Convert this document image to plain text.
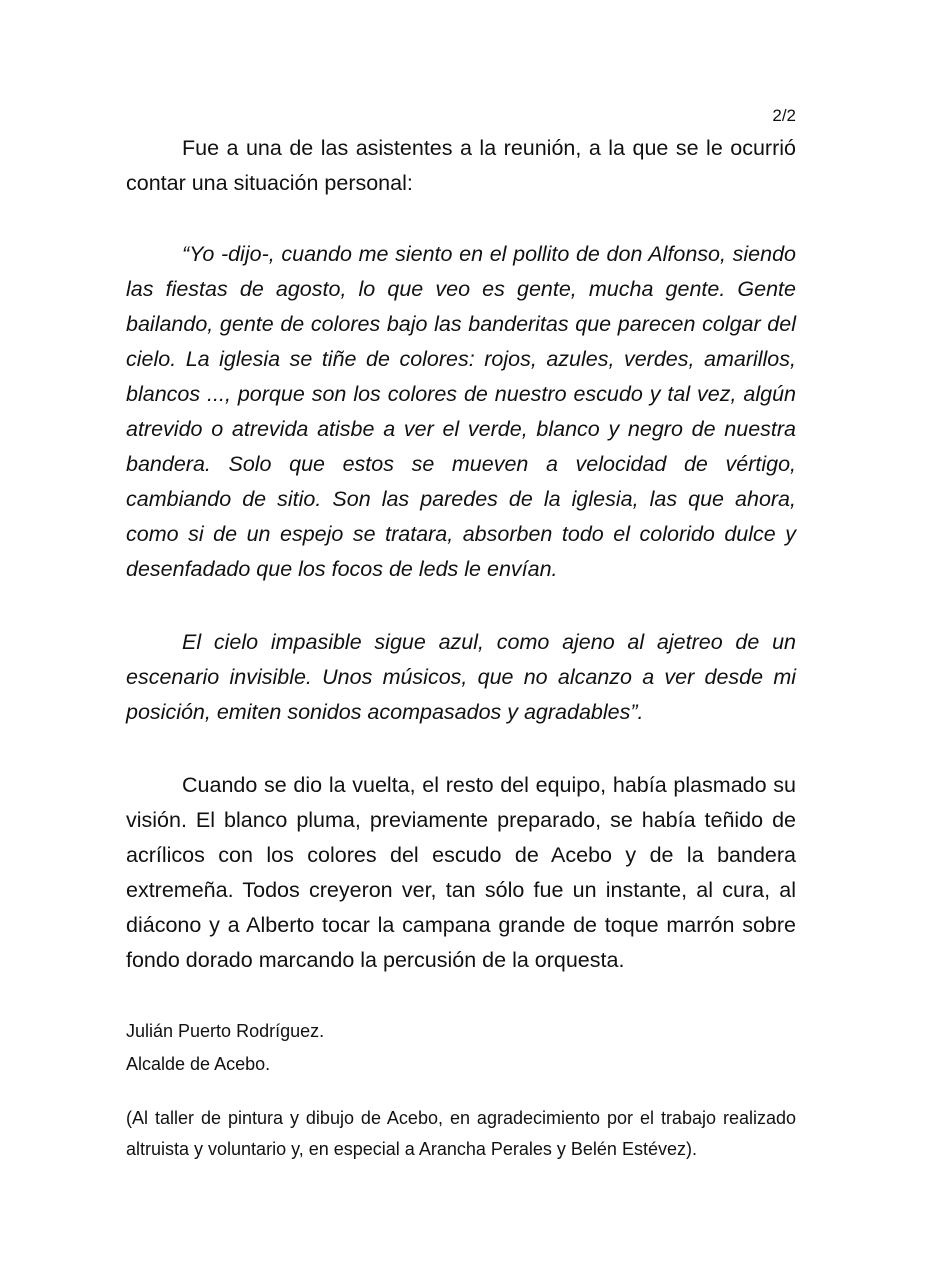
2/2

Fue a una de las asistentes a la reunión, a la que se le ocurrió contar una situación personal:

“Yo -dijo-, cuando me siento en el pollito de don Alfonso, siendo las fiestas de agosto, lo que veo es gente, mucha gente. Gente bailando, gente de colores bajo las banderitas que parecen colgar del cielo. La iglesia se tiñe de colores: rojos, azules, verdes, amarillos, blancos ..., porque son los colores de nuestro escudo y tal vez, algún atrevido o atrevida atisbe a ver el verde, blanco y negro de nuestra bandera. Solo que estos se mueven a velocidad de vértigo, cambiando de sitio. Son las paredes de la iglesia, las que ahora, como si de un espejo se tratara, absorben todo el colorido dulce y desenfadado que los focos de leds le envían.

El cielo impasible sigue azul, como ajeno al ajetreo de un escenario invisible. Unos músicos, que no alcanzo a ver desde mi posición, emiten sonidos acompasados y agradables”.

Cuando se dio la vuelta, el resto del equipo, había plasmado su visión. El blanco pluma, previamente preparado, se había teñido de acrílicos con los colores del escudo de Acebo y de la bandera extremeña. Todos creyeron ver, tan sólo fue un instante, al cura, al diácono y a Alberto tocar la campana grande de toque marrón sobre fondo dorado marcando la percusión de la orquesta.

Julián Puerto Rodríguez.
Alcalde de Acebo.

(Al taller de pintura y dibujo de Acebo, en agradecimiento por el trabajo realizado altruista y voluntario y, en especial a Arancha Perales y Belén Estévez).
